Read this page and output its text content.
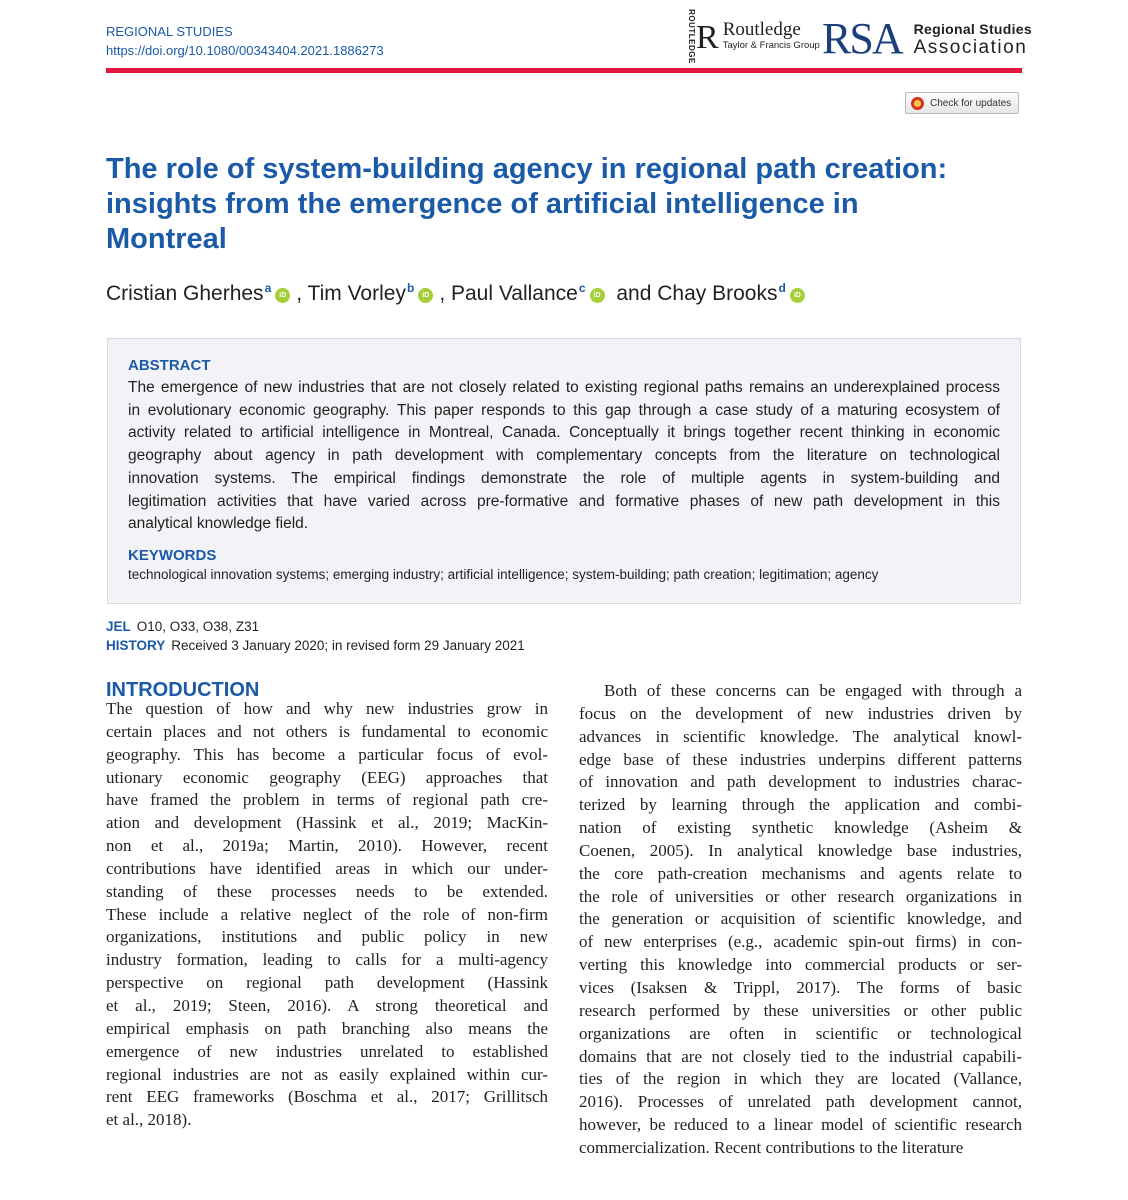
REGIONAL STUDIES
https://doi.org/10.1080/00343404.2021.1886273	ROUTLEDGE R Routledge
Taylor & Francis Group RSA Regional Studies
Association
Check for updates
The role of system-building agency in regional path creation:
insights from the emergence of artificial intelligence in
Montreal
Cristian Gherhes$^a$iD , Tim Vorley$^b$iD , Paul Vallance$^c$iD and Chay Brooks$^d$iD
ABSTRACT
The emergence of new industries that are not closely related to existing regional paths remains an underexplained process
in evolutionary economic geography. This paper responds to this gap through a case study of a maturing ecosystem of
activity related to artificial intelligence in Montreal, Canada. Conceptually it brings together recent thinking in economic
geography about agency in path development with complementary concepts from the literature on technological
innovation systems. The empirical findings demonstrate the role of multiple agents in system-building and
legitimation activities that have varied across pre-formative and formative phases of new path development in this
analytical knowledge field.
KEYWORDS
technological innovation systems; emerging industry; artificial intelligence; system-building; path creation; legitimation; agency
JEL O10, O33, O38, Z31
HISTORY Received 3 January 2020; in revised form 29 January 2021
INTRODUCTION
The question of how and why new industries grow in
certain places and not others is fundamental to economic
geography. This has become a particular focus of evol-
utionary economic geography (EEG) approaches that
have framed the problem in terms of regional path cre-
ation and development (Hassink et al., 2019; MacKin-
non et al., 2019a; Martin, 2010). However, recent
contributions have identified areas in which our under-
standing of these processes needs to be extended.
These include a relative neglect of the role of non-firm
organizations, institutions and public policy in new
industry formation, leading to calls for a multi-agency
perspective on regional path development (Hassink
et al., 2019; Steen, 2016). A strong theoretical and
empirical emphasis on path branching also means the
emergence of new industries unrelated to established
regional industries are not as easily explained within cur-
rent EEG frameworks (Boschma et al., 2017; Grillitsch
et al., 2018).
Both of these concerns can be engaged with through a
focus on the development of new industries driven by
advances in scientific knowledge. The analytical knowl-
edge base of these industries underpins different patterns
of innovation and path development to industries charac-
terized by learning through the application and combi-
nation of existing synthetic knowledge (Asheim &
Coenen, 2005). In analytical knowledge base industries,
the core path-creation mechanisms and agents relate to
the role of universities or other research organizations in
the generation or acquisition of scientific knowledge, and
of new enterprises (e.g., academic spin-out firms) in con-
verting this knowledge into commercial products or ser-
vices (Isaksen & Trippl, 2017). The forms of basic
research performed by these universities or other public
organizations are often in scientific or technological
domains that are not closely tied to the industrial capabili-
ties of the region in which they are located (Vallance,
2016). Processes of unrelated path development cannot,
however, be reduced to a linear model of scientific research
commercialization. Recent contributions to the literature
